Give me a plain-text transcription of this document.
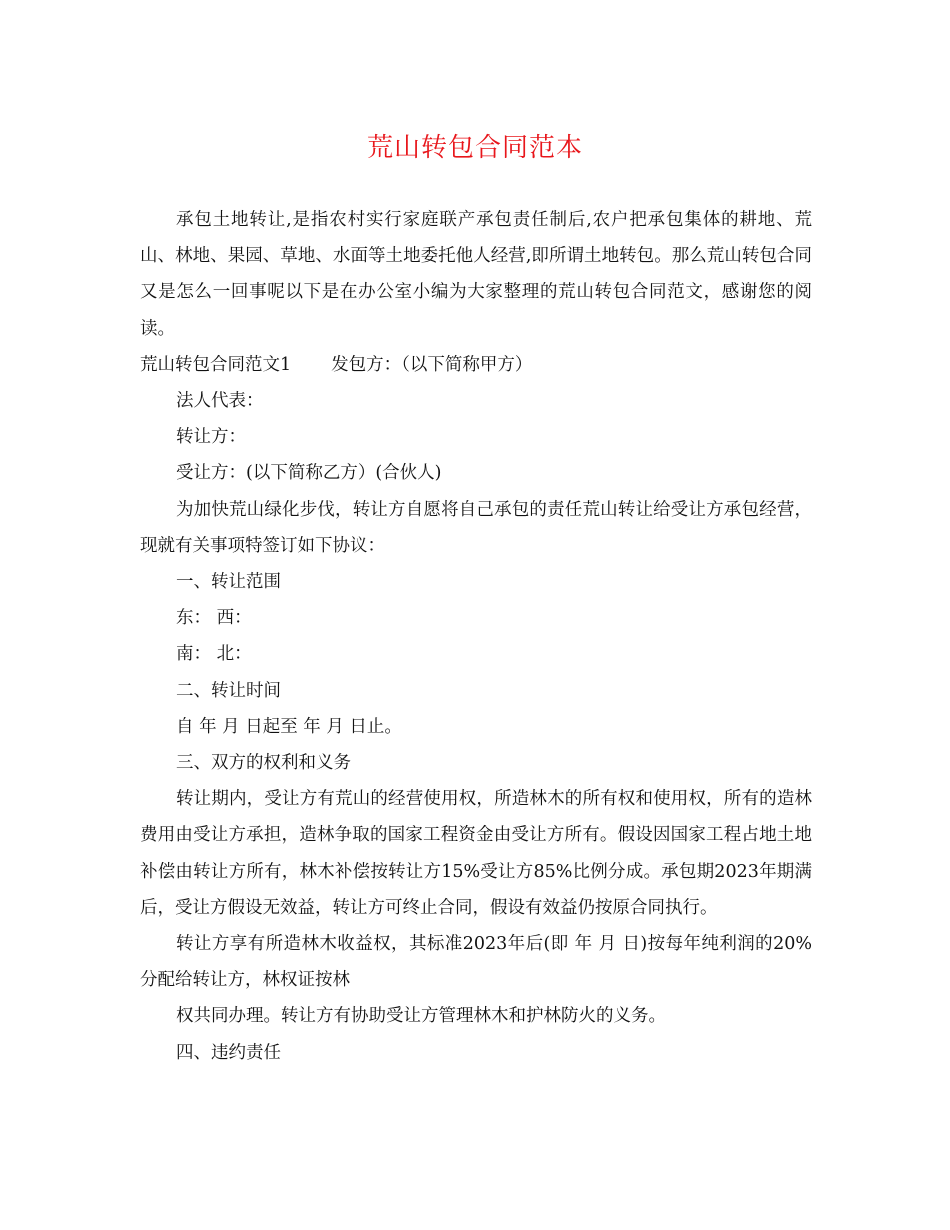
荒山转包合同范本

承包土地转让,是指农村实行家庭联产承包责任制后,农户把承包集体的耕地、荒山、林地、果园、草地、水面等土地委托他人经营,即所谓土地转包。那么荒山转包合同又是怎么一回事呢以下是在办公室小编为大家整理的荒山转包合同范文，感谢您的阅读。

荒山转包合同范文1 发包方：（以下简称甲方）

法人代表：

转让方：

受让方：(以下简称乙方）(合伙人)

为加快荒山绿化步伐，转让方自愿将自己承包的责任荒山转让给受让方承包经营，现就有关事项特签订如下协议：

一、转让范围

东： 西：

南： 北：

二、转让时间

自 年 月 日起至 年 月 日止。

三、双方的权利和义务

转让期内，受让方有荒山的经营使用权，所造林木的所有权和使用权，所有的造林费用由受让方承担，造林争取的国家工程资金由受让方所有。假设因国家工程占地土地补偿由转让方所有，林木补偿按转让方15%受让方85%比例分成。承包期2023年期满后，受让方假设无效益，转让方可终止合同，假设有效益仍按原合同执行。

转让方享有所造林木收益权，其标准2023年后(即 年 月 日)按每年纯利润的20%分配给转让方，林权证按林

权共同办理。转让方有协助受让方管理林木和护林防火的义务。

四、违约责任
